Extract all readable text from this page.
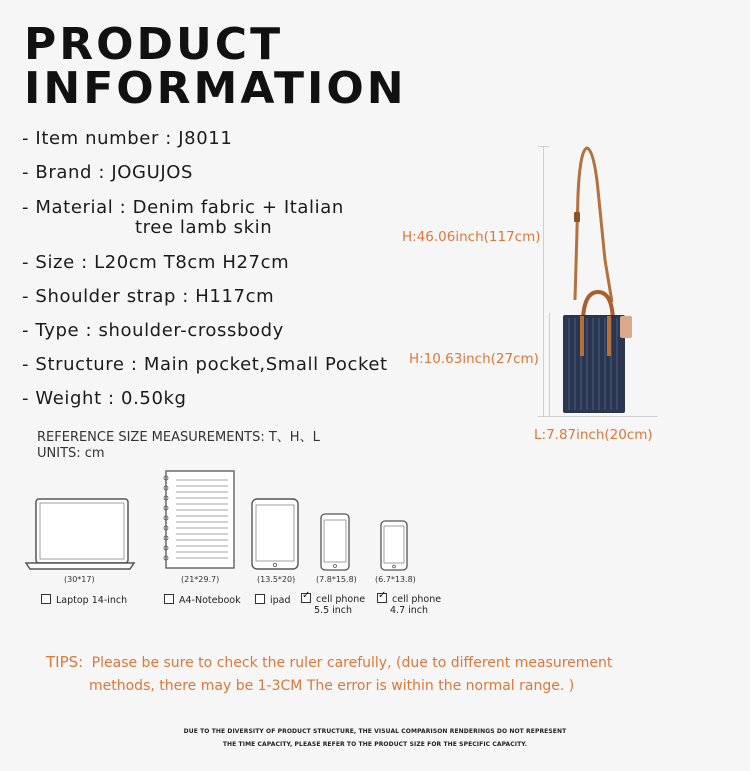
PRODUCT
INFORMATION
- Item number : J8011
- Brand : JOGUJOS
- Material : Denim fabric + Italian
tree lamb skin
- Size : L20cm T8cm H27cm
- Shoulder strap : H117cm
- Type : shoulder-crossbody
- Structure : Main pocket,Small Pocket
- Weight : 0.50kg
REFERENCE SIZE MEASUREMENTS: T、H、L
UNITS: cm
H:46.06inch(117cm)
H:10.63inch(27cm)
L:7.87inch(20cm)
(30*17)	(21*29.7)	(13.5*20)	(7.8*15.8) (6.7*13.8)
Laptop 14-inch	A4-Notebook	ipad
✓	cell phone
5.5 inch
✓cell phone
4.7 inch
TIPS: Please be sure to check the ruler carefully, (due to different measurement
methods, there may be 1-3CM The error is within the normal range. )
DUE TO THE DIVERSITY OF PRODUCT STRUCTURE, THE VISUAL COMPARISON RENDERINGS DO NOT REPRESENT
THE TIME CAPACITY, PLEASE REFER TO THE PRODUCT SIZE FOR THE SPECIFIC CAPACITY.
